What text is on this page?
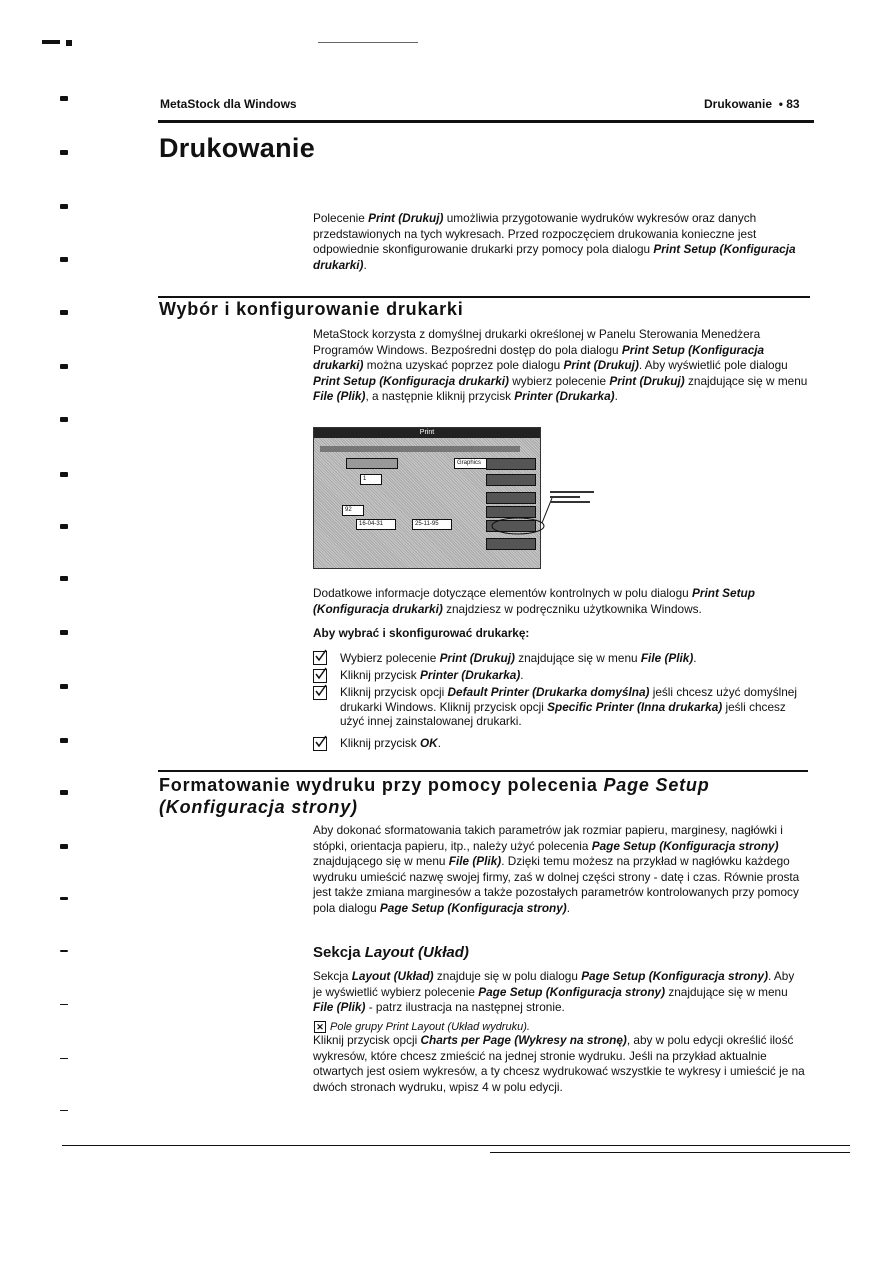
MetaStock dla Windows	Drukowanie  • 83
Drukowanie
Polecenie Print (Drukuj) umożliwia przygotowanie wydruków wykresów oraz danych przedstawionych na tych wykresach. Przed rozpoczęciem drukowania konieczne jest odpowiednie skonfigurowanie drukarki przy pomocy pola dialogu Print Setup (Konfiguracja drukarki).
Wybór i konfigurowanie drukarki
MetaStock korzysta z domyślnej drukarki określonej w Panelu Sterowania Menedżera Programów Windows. Bezpośredni dostęp do pola dialogu Print Setup (Konfiguracja drukarki) można uzyskać poprzez pole dialogu Print (Drukuj). Aby wyświetlić pole dialogu Print Setup (Konfiguracja drukarki) wybierz polecenie Print (Drukuj) znajdujące się w menu File (Plik), a następnie kliknij przycisk Printer (Drukarka).
Print
Graphics
1
92
16-04-31	25-11-95
Dodatkowe informacje dotyczące elementów kontrolnych w polu dialogu Print Setup (Konfiguracja drukarki) znajdziesz w podręczniku użytkownika Windows.
Aby wybrać i skonfigurować drukarkę:
Wybierz polecenie Print (Drukuj) znajdujące się w menu File (Plik).
Kliknij przycisk Printer (Drukarka).
Kliknij przycisk opcji Default Printer (Drukarka domyślna) jeśli chcesz użyć domyślnej drukarki Windows. Kliknij przycisk opcji Specific Printer (Inna drukarka) jeśli chcesz użyć innej zainstalowanej drukarki.
Kliknij przycisk OK.
Formatowanie wydruku przy pomocy polecenia Page Setup
(Konfiguracja strony)
Aby dokonać sformatowania takich parametrów jak rozmiar papieru, marginesy, nagłówki i stópki, orientacja papieru, itp., należy użyć polecenia Page Setup (Konfiguracja strony) znajdującego się w menu File (Plik). Dzięki temu możesz na przykład w nagłówku każdego wydruku umieścić nazwę swojej firmy, zaś w dolnej części strony - datę i czas. Równie prosta jest także zmiana marginesów a także pozostałych parametrów kontrolowanych przy pomocy pola dialogu Page Setup (Konfiguracja strony).
Sekcja Layout (Układ)
Sekcja Layout (Układ) znajduje się w polu dialogu Page Setup (Konfiguracja strony). Aby je wyświetlić wybierz polecenie Page Setup (Konfiguracja strony) znajdujące się w menu File (Plik) - patrz ilustracja na następnej stronie.
✕ Pole grupy Print Layout (Układ wydruku).
Kliknij przycisk opcji Charts per Page (Wykresy na stronę), aby w polu edycji określić ilość wykresów, które chcesz zmieścić na jednej stronie wydruku. Jeśli na przykład aktualnie otwartych jest osiem wykresów, a ty chcesz wydrukować wszystkie te wykresy i umieścić je na dwóch stronach wydruku, wpisz 4 w polu edycji.
